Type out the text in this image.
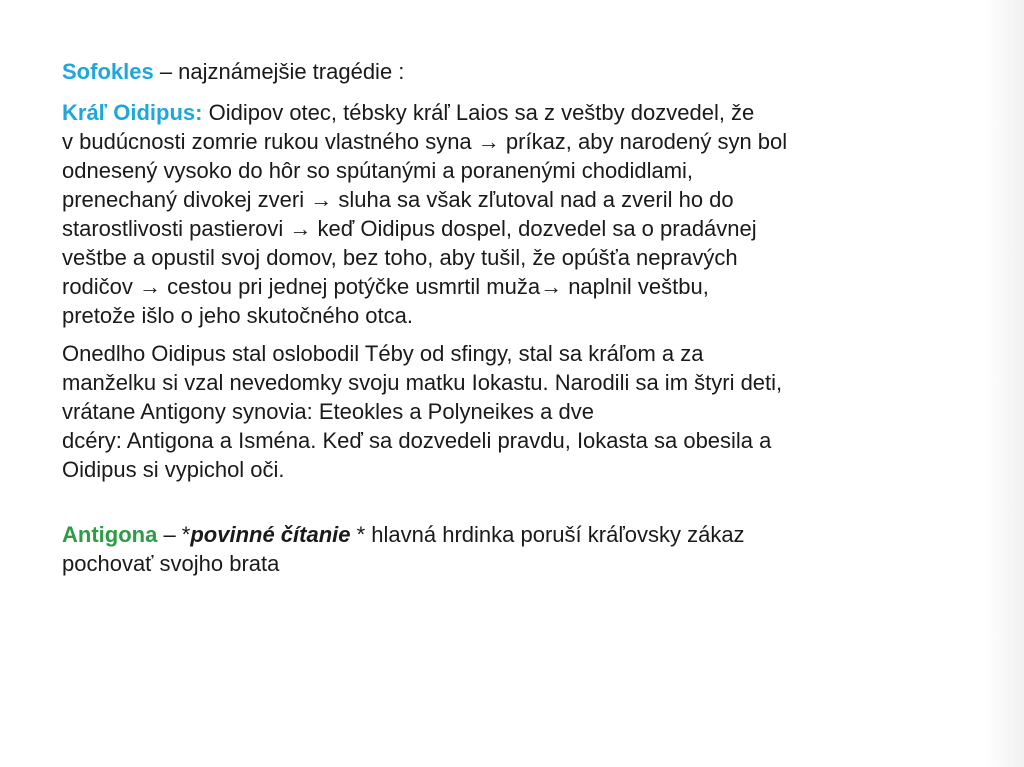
Sofokles – najznámejšie tragédie :

Kráľ Oidipus: Oidipov otec, tébsky kráľ Laios sa z veštby dozvedel, že
v budúcnosti zomrie rukou vlastného syna → príkaz, aby narodený syn bol
odnesený vysoko do hôr so spútanými a poranenými chodidlami,
prenechaný divokej zveri → sluha sa však zľutoval nad a zveril ho do
starostlivosti pastierovi → keď Oidipus dospel, dozvedel sa o pradávnej
veštbe a opustil svoj domov, bez toho, aby tušil, že opúšťa nepravých
rodičov → cestou pri jednej potýčke usmrtil muža→ naplnil veštbu,
pretože išlo o jeho skutočného otca.

Onedlho Oidipus stal oslobodil Téby od sfingy, stal sa kráľom a za
manželku si vzal nevedomky svoju matku Iokastu. Narodili sa im štyri deti,
vrátane Antigony synovia: Eteokles a Polyneikes a dve
dcéry: Antigona a Isména. Keď sa dozvedeli pravdu, Iokasta sa obesila a
Oidipus si vypichol oči.

Antigona – *povinné čítanie * hlavná hrdinka poruší kráľovsky zákaz
pochovať svojho brata
